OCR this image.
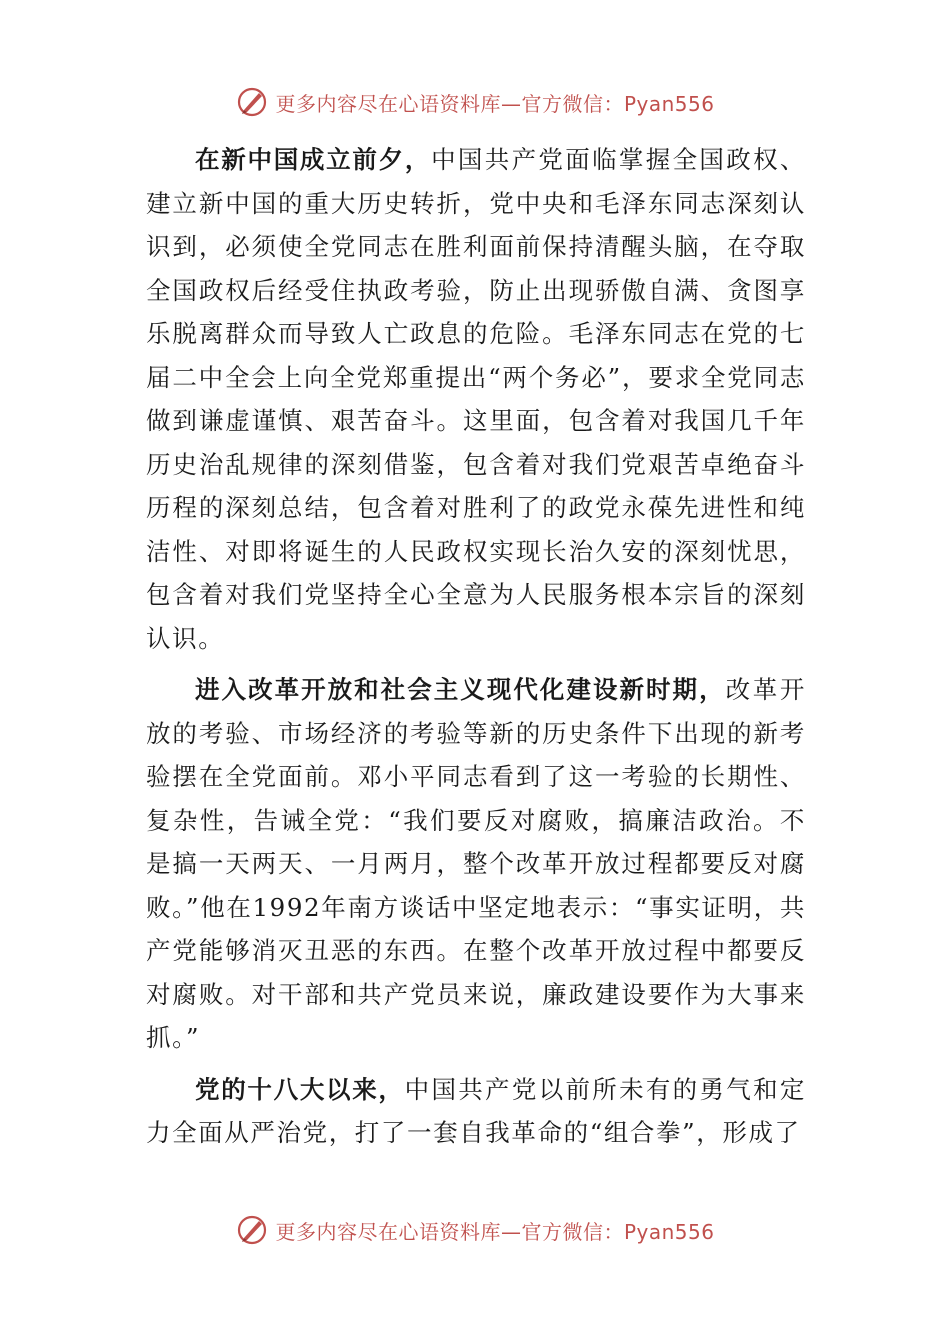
更多内容尽在心语资料库—官方微信：Pyan556

在新中国成立前夕，中国共产党面临掌握全国政权、建立新中国的重大历史转折，党中央和毛泽东同志深刻认识到，必须使全党同志在胜利面前保持清醒头脑，在夺取全国政权后经受住执政考验，防止出现骄傲自满、贪图享乐脱离群众而导致人亡政息的危险。毛泽东同志在党的七届二中全会上向全党郑重提出“两个务必”，要求全党同志做到谦虚谨慎、艰苦奋斗。这里面，包含着对我国几千年历史治乱规律的深刻借鉴，包含着对我们党艰苦卓绝奋斗历程的深刻总结，包含着对胜利了的政党永葆先进性和纯洁性、对即将诞生的人民政权实现长治久安的深刻忧思，包含着对我们党坚持全心全意为人民服务根本宗旨的深刻认识。

进入改革开放和社会主义现代化建设新时期，改革开放的考验、市场经济的考验等新的历史条件下出现的新考验摆在全党面前。邓小平同志看到了这一考验的长期性、复杂性，告诫全党：“我们要反对腐败，搞廉洁政治。不是搞一天两天、一月两月，整个改革开放过程都要反对腐败。”他在1992年南方谈话中坚定地表示：“事实证明，共产党能够消灭丑恶的东西。在整个改革开放过程中都要反对腐败。对干部和共产党员来说，廉政建设要作为大事来抓。”

党的十八大以来，中国共产党以前所未有的勇气和定力全面从严治党，打了一套自我革命的“组合拳”，形成了

更多内容尽在心语资料库—官方微信：Pyan556
